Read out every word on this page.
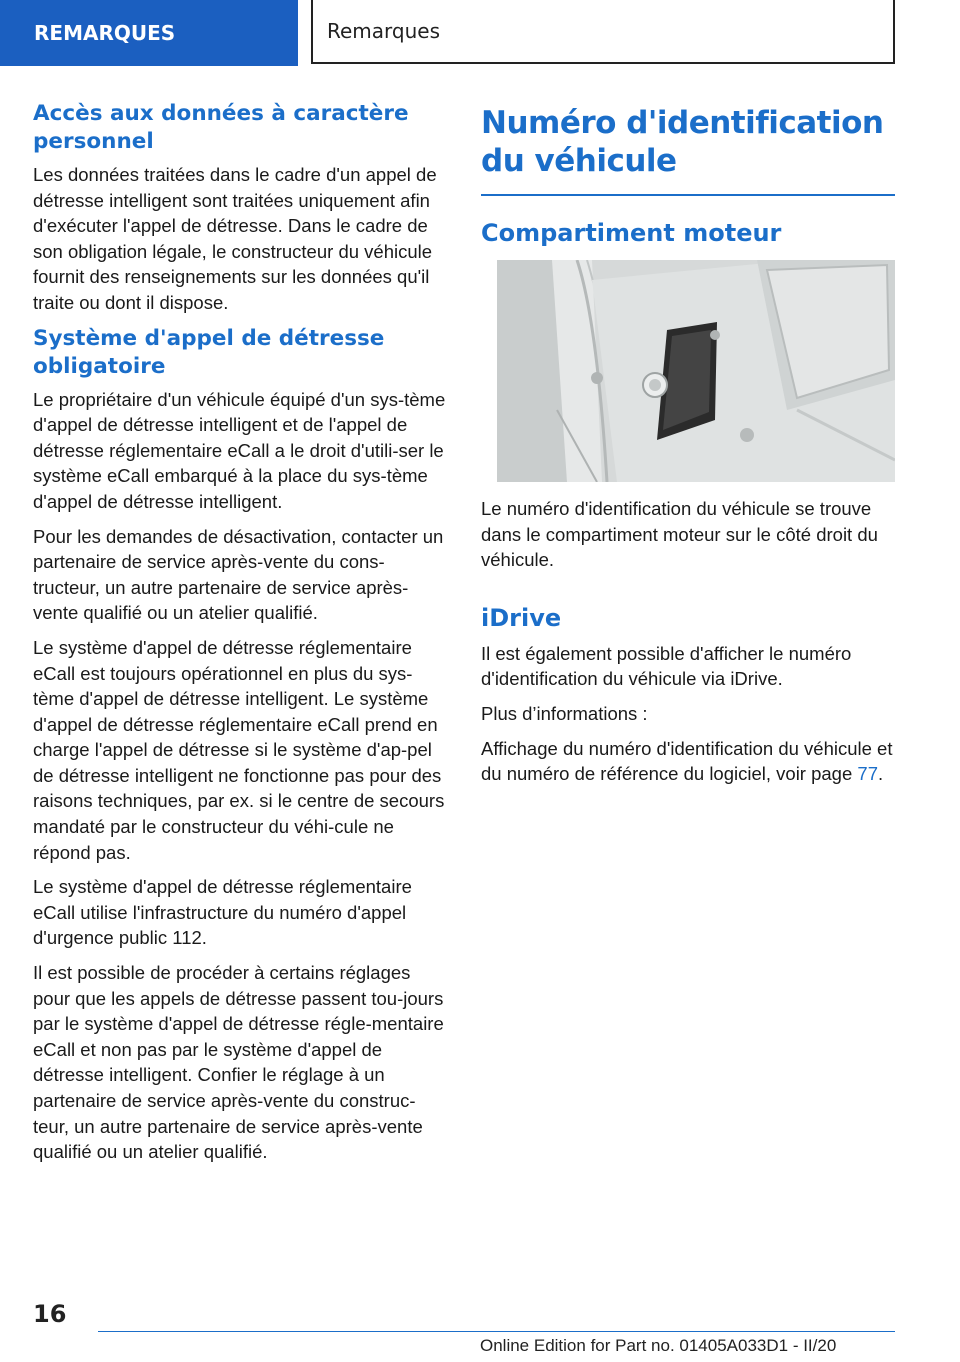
REMARQUES	Remarques
Accès aux données à caractère personnel

Les données traitées dans le cadre d'un appel de détresse intelligent sont traitées uniquement afin d'exécuter l'appel de détresse. Dans le cadre de son obligation légale, le constructeur du véhicule fournit des renseignements sur les données qu'il traite ou dont il dispose.

Système d'appel de détresse obligatoire

Le propriétaire d'un véhicule équipé d'un sys‐tème d'appel de détresse intelligent et de l'appel de détresse réglementaire eCall a le droit d'utili‐ser le système eCall embarqué à la place du sys‐tème d'appel de détresse intelligent.

Pour les demandes de désactivation, contacter un partenaire de service après-vente du cons‐tructeur, un autre partenaire de service après-vente qualifié ou un atelier qualifié.

Le système d'appel de détresse réglementaire eCall est toujours opérationnel en plus du sys‐tème d'appel de détresse intelligent. Le système d'appel de détresse réglementaire eCall prend en charge l'appel de détresse si le système d'ap‐pel de détresse intelligent ne fonctionne pas pour des raisons techniques, par ex. si le centre de secours mandaté par le constructeur du véhi‐cule ne répond pas.

Le système d'appel de détresse réglementaire eCall utilise l'infrastructure du numéro d'appel d'urgence public 112.

Il est possible de procéder à certains réglages pour que les appels de détresse passent tou‐jours par le système d'appel de détresse régle‐mentaire eCall et non pas par le système d'appel de détresse intelligent. Confier le réglage à un partenaire de service après-vente du construc‐teur, un autre partenaire de service après-vente qualifié ou un atelier qualifié.

Numéro d'identification du véhicule
Compartiment moteur

Le numéro d'identification du véhicule se trouve dans le compartiment moteur sur le côté droit du véhicule.

iDrive

Il est également possible d'afficher le numéro d'identification du véhicule via iDrive.

Plus d’informations :

Affichage du numéro d'identification du véhicule et du numéro de référence du logiciel, voir page 77.

16
Online Edition for Part no. 01405A033D1 - II/20
